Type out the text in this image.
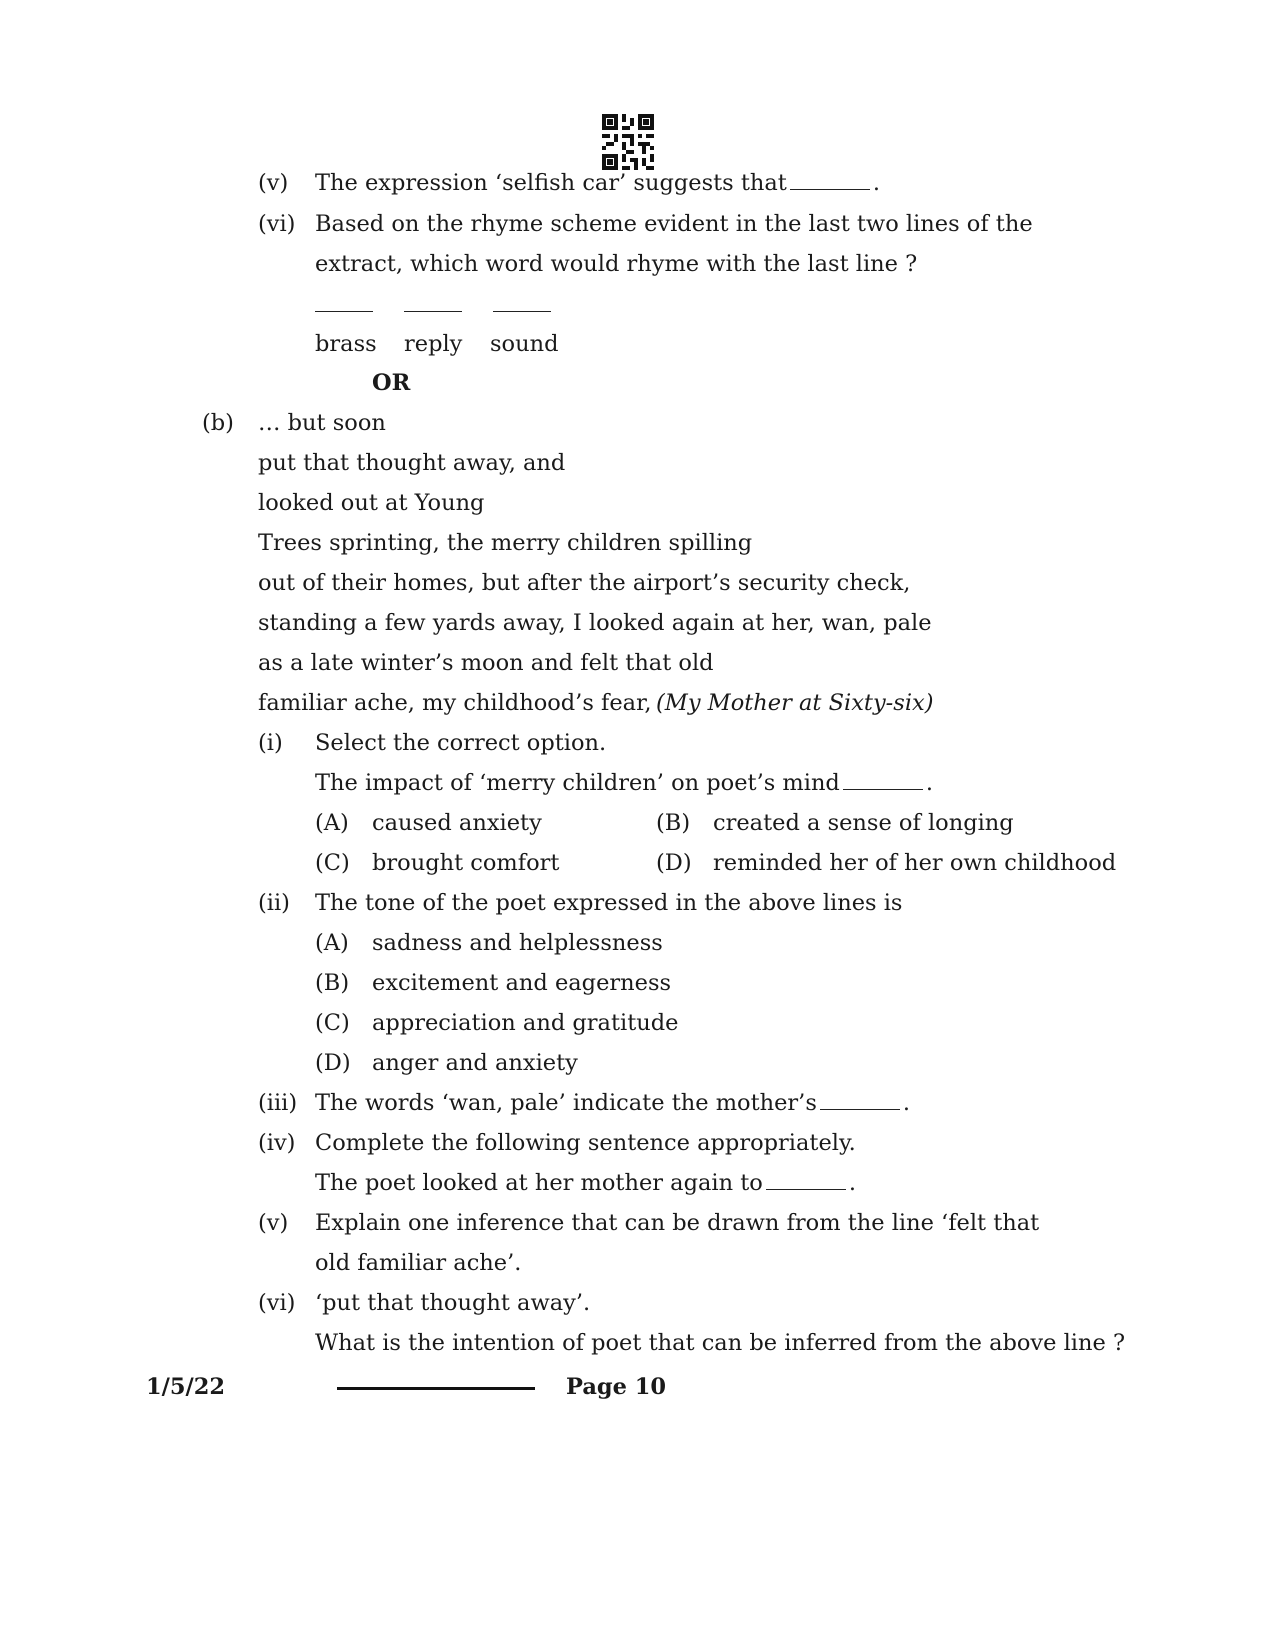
(v) The expression ‘selfish car’ suggests that	.
(vi) Based on the rhyme scheme evident in the last two lines of the
extract, which word would rhyme with the last line ?
brass reply sound
OR
(b) … but soon
put that thought away, and
looked out at Young
Trees sprinting, the merry children spilling
out of their homes, but after the airport’s security check,
standing a few yards away, I looked again at her, wan, pale
as a late winter’s moon and felt that old
familiar ache, my childhood’s fear, (My Mother at Sixty-six)
(i) Select the correct option.
The impact of ‘merry children’ on poet’s mind	.
(A) caused anxiety	(B) created a sense of longing
(C) brought comfort	(D) reminded her of her own childhood
(ii) The tone of the poet expressed in the above lines is
(A) sadness and helplessness
(B) excitement and eagerness
(C) appreciation and gratitude
(D) anger and anxiety
(iii) The words ‘wan, pale’ indicate the mother’s	.
(iv) Complete the following sentence appropriately.
The poet looked at her mother again to	.
(v) Explain one inference that can be drawn from the line ‘felt that
old familiar ache’.
(vi) ‘put that thought away’.
What is the intention of poet that can be inferred from the above line ?
1/5/22	Page 10
